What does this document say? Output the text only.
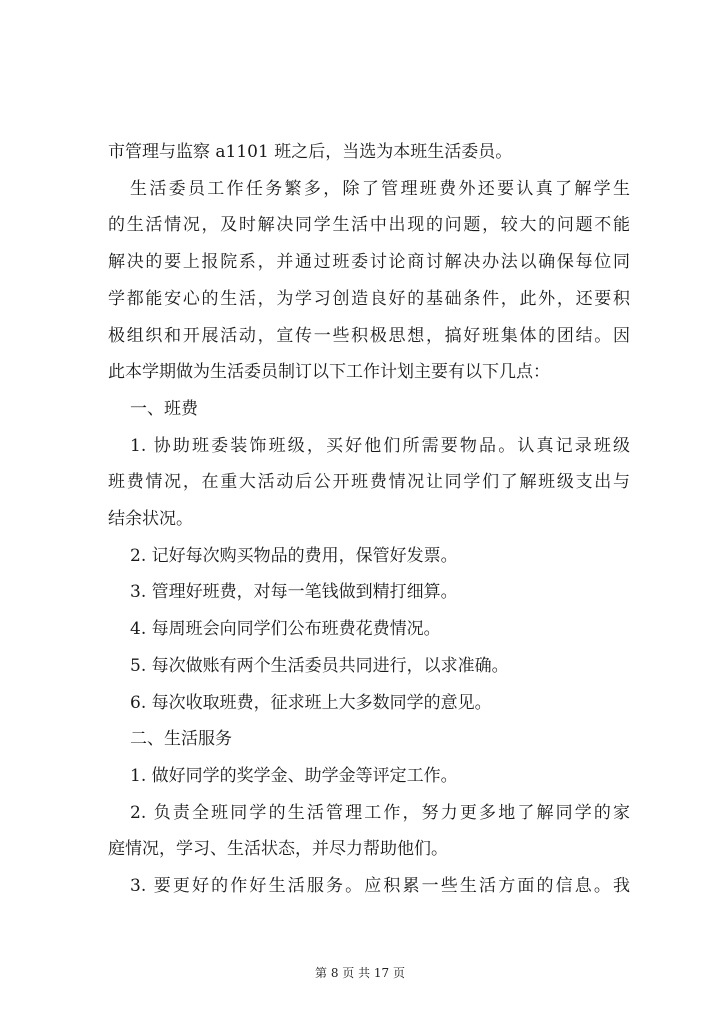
市管理与监察 a1101 班之后，当选为本班生活委员。
生活委员工作任务繁多，除了管理班费外还要认真了解学生
的生活情况，及时解决同学生活中出现的问题，较大的问题不能
解决的要上报院系，并通过班委讨论商讨解决办法以确保每位同
学都能安心的生活，为学习创造良好的基础条件，此外，还要积
极组织和开展活动，宣传一些积极思想，搞好班集体的团结。因
此本学期做为生活委员制订以下工作计划主要有以下几点：
一、班费
1. 协助班委装饰班级，买好他们所需要物品。认真记录班级
班费情况，在重大活动后公开班费情况让同学们了解班级支出与
结余状况。
2. 记好每次购买物品的费用，保管好发票。
3. 管理好班费，对每一笔钱做到精打细算。
4. 每周班会向同学们公布班费花费情况。
5. 每次做账有两个生活委员共同进行，以求准确。
6. 每次收取班费，征求班上大多数同学的意见。
二、生活服务
1. 做好同学的奖学金、助学金等评定工作。
2. 负责全班同学的生活管理工作，努力更多地了解同学的家
庭情况，学习、生活状态，并尽力帮助他们。
3. 要更好的作好生活服务。应积累一些生活方面的信息。我
第 8 页 共 17 页
